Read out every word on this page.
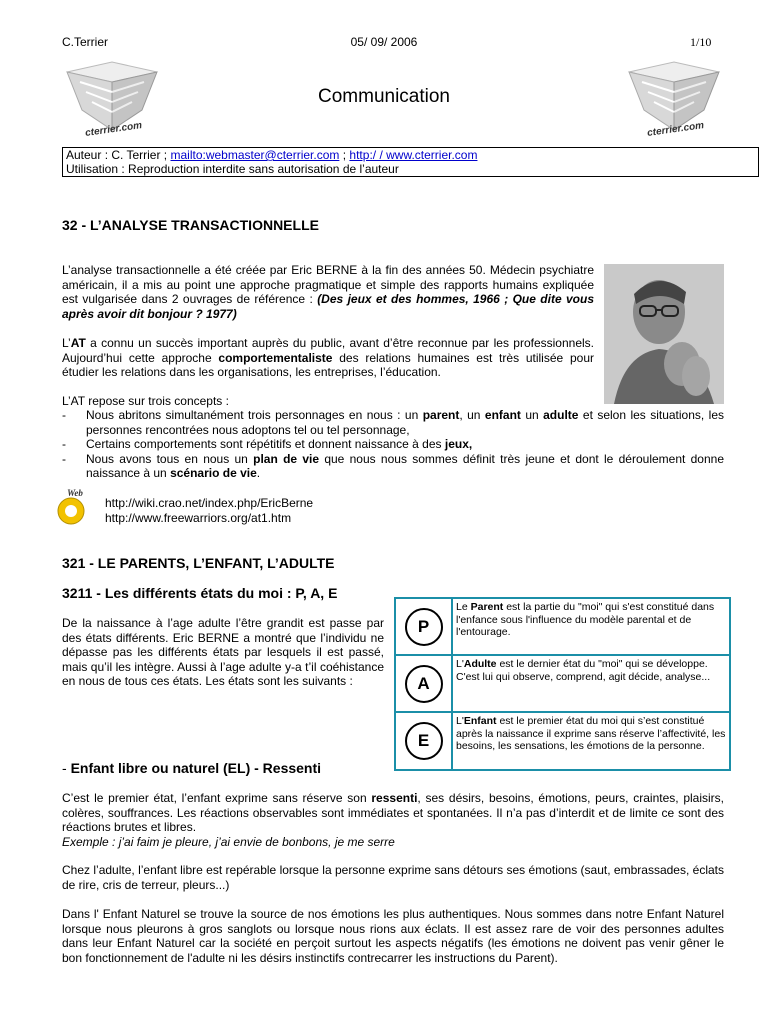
C.Terrier	05/ 09/ 2006	1/10
cterrier.com	cterrier.com
Communication
Auteur : C. Terrier ; mailto:webmaster@cterrier.com ; http:/ / www.cterrier.com
Utilisation : Reproduction interdite sans autorisation de l’auteur
32 - L’ANALYSE TRANSACTIONNELLE

L’analyse transactionnelle a été créée par Eric BERNE à la fin des années 50. Médecin psychiatre américain, il a mis au point une approche pragmatique et simple des rapports humains expliquée est vulgarisée dans 2 ouvrages de référence : (Des jeux et des hommes, 1966 ; Que dite vous après avoir dit bonjour ? 1977)

L’AT a connu un succès important auprès du public, avant d’être reconnue par les professionnels. Aujourd’hui cette approche comportementaliste des relations humaines est très utilisée pour étudier les relations dans les organisations, les entreprises, l’éducation.

L’AT repose sur trois concepts :

- Nous abritons simultanément trois personnages en nous : un parent, un enfant un adulte et selon les situations, les personnes rencontrées nous adoptons tel ou tel personnage,
- Certains comportements sont répétitifs et donnent naissance à des jeux,
- Nous avons tous en nous un plan de vie que nous nous sommes définit très jeune et dont le déroulement donne naissance à un scénario de vie.
Web
http://wiki.crao.net/index.php/EricBerne
http://www.freewarriors.org/at1.htm
321 - LE PARENTS, L’ENFANT, L’ADULTE
3211 - Les différents états du moi : P, A, E

De la naissance à l’age adulte l’être grandit est passe par des états différents. Eric BERNE a montré que l’individu ne dépasse pas les différents états par lesquels il est passé, mais qu’il les intègre. Aussi à l’age adulte y-a t’il coéhistance en nous de tous ces états. Les états sont les suivants :

P
Le Parent est la partie du "moi" qui s'est constitué dans l'enfance sous l'influence du modèle parental et de l'entourage.
A
L'Adulte est le dernier état du "moi" qui se développe. C'est lui qui observe, comprend, agit décide, analyse...
E
L'Enfant est le premier état du moi qui s’est constitué après la naissance il exprime sans réserve l’affectivité, les besoins, les sensations, les émotions de la personne.
- Enfant libre ou naturel (EL) - Ressenti

C’est le premier état, l’enfant exprime sans réserve son ressenti, ses désirs, besoins, émotions, peurs, craintes, plaisirs, colères, souffrances. Les réactions observables sont immédiates et spontanées. Il n’a pas d’interdit et de limite ce sont des réactions brutes et libres.
Exemple : j’ai faim je pleure, j’ai envie de bonbons, je me serre

Chez l’adulte, l’enfant libre est repérable lorsque la personne exprime sans détours ses émotions (saut, embrassades, éclats de rire, cris de terreur, pleurs...)

Dans l' Enfant Naturel se trouve la source de nos émotions les plus authentiques. Nous sommes dans notre Enfant Naturel lorsque nous pleurons à gros sanglots ou lorsque nous rions aux éclats. Il est assez rare de voir des personnes adultes dans leur Enfant Naturel car la société en perçoit surtout les aspects négatifs (les émotions ne doivent pas venir gêner le bon fonctionnement de l'adulte ni les désirs instinctifs contrecarrer les instructions du Parent).
